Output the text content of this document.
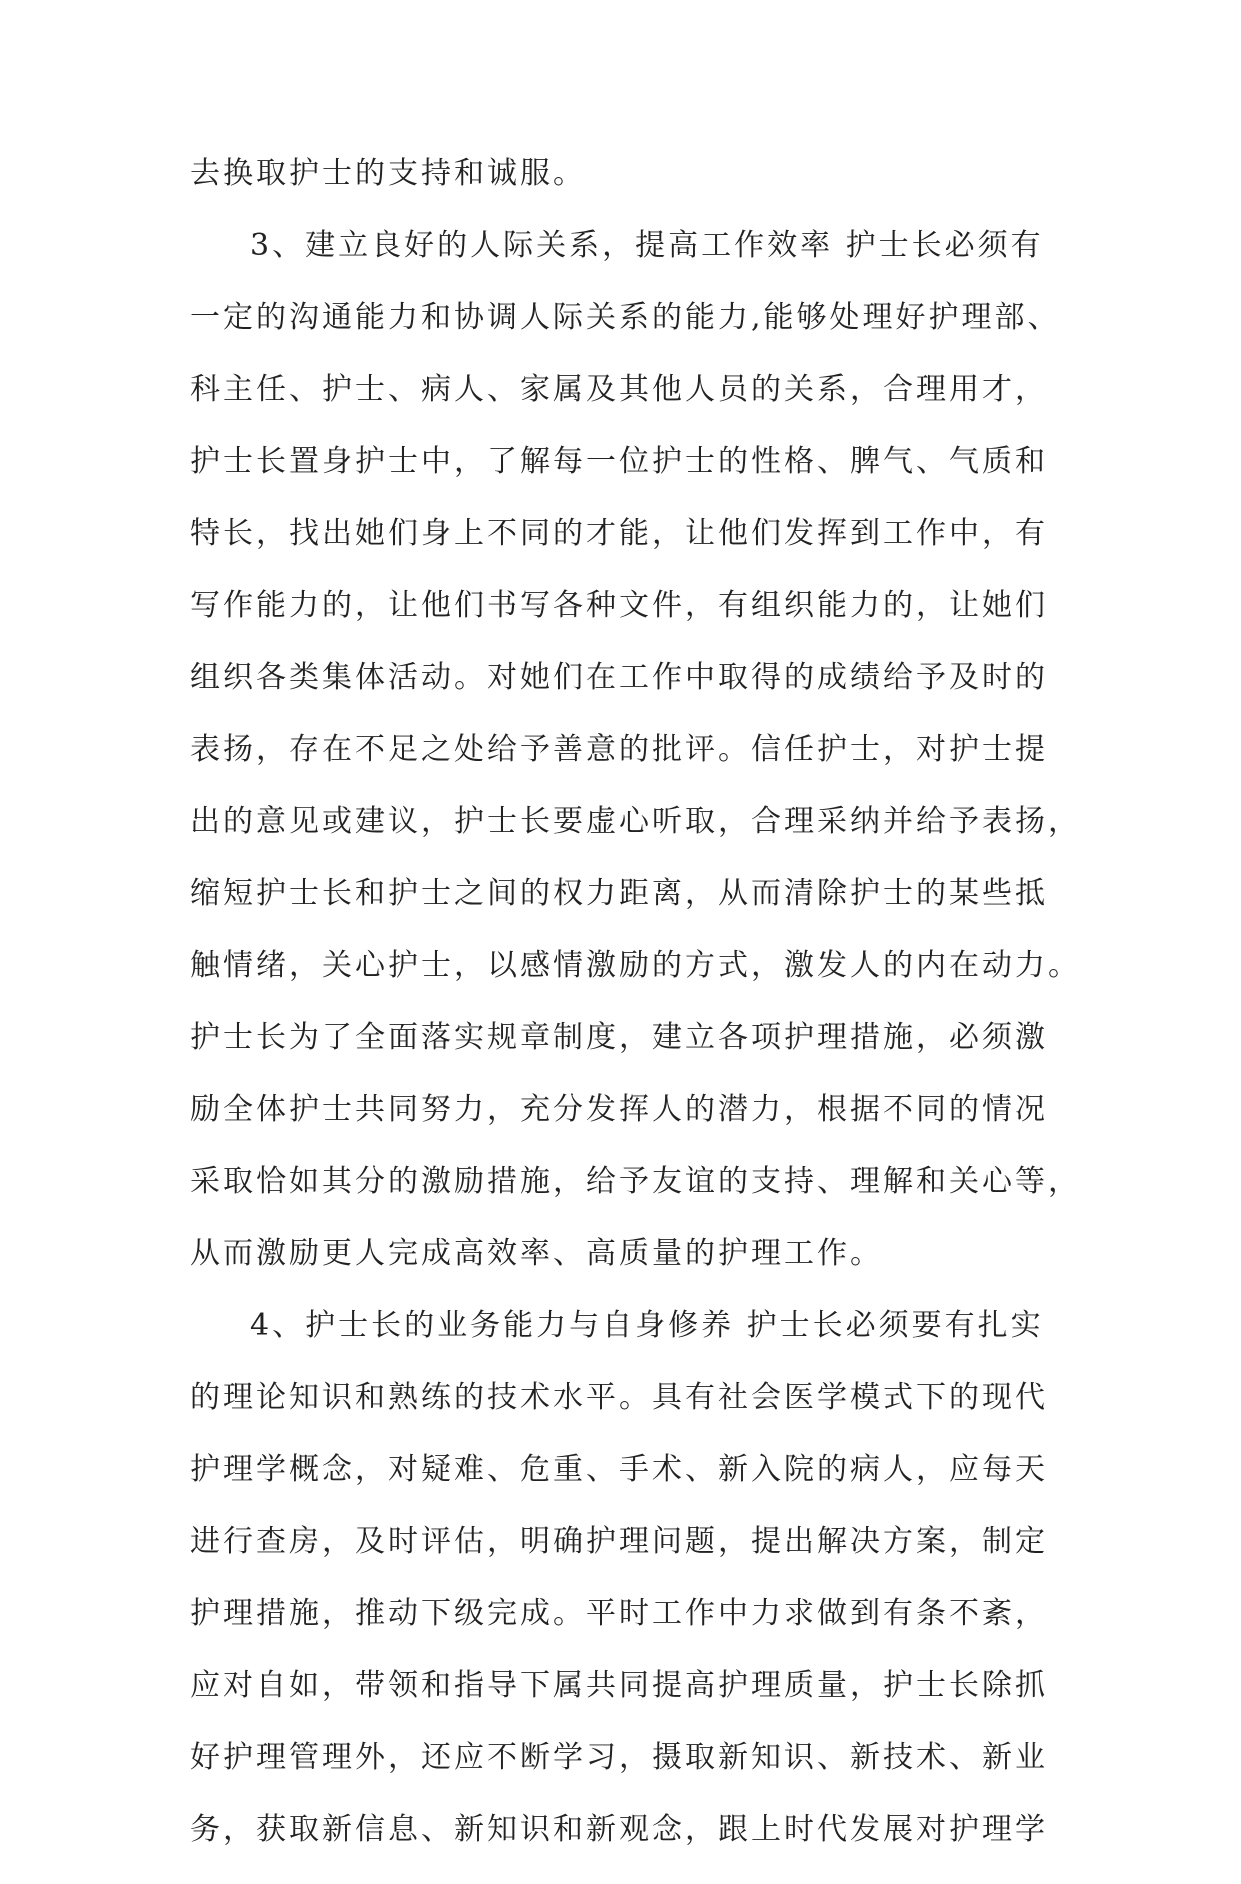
去换取护士的支持和诚服。
3、建立良好的人际关系，提高工作效率 护士长必须有
一定的沟通能力和协调人际关系的能力,能够处理好护理部、
科主任、护士、病人、家属及其他人员的关系，合理用才，
护士长置身护士中，了解每一位护士的性格、脾气、气质和
特长，找出她们身上不同的才能，让他们发挥到工作中，有
写作能力的，让他们书写各种文件，有组织能力的，让她们
组织各类集体活动。对她们在工作中取得的成绩给予及时的
表扬，存在不足之处给予善意的批评。信任护士，对护士提
出的意见或建议，护士长要虚心听取，合理采纳并给予表扬，
缩短护士长和护士之间的权力距离，从而清除护士的某些抵
触情绪，关心护士，以感情激励的方式，激发人的内在动力。
护士长为了全面落实规章制度，建立各项护理措施，必须激
励全体护士共同努力，充分发挥人的潜力，根据不同的情况
采取恰如其分的激励措施，给予友谊的支持、理解和关心等，
从而激励更人完成高效率、高质量的护理工作。
4、护士长的业务能力与自身修养 护士长必须要有扎实
的理论知识和熟练的技术水平。具有社会医学模式下的现代
护理学概念，对疑难、危重、手术、新入院的病人，应每天
进行查房，及时评估，明确护理问题，提出解决方案，制定
护理措施，推动下级完成。平时工作中力求做到有条不紊，
应对自如，带领和指导下属共同提高护理质量，护士长除抓
好护理管理外，还应不断学习，摄取新知识、新技术、新业
务，获取新信息、新知识和新观念，跟上时代发展对护理学
